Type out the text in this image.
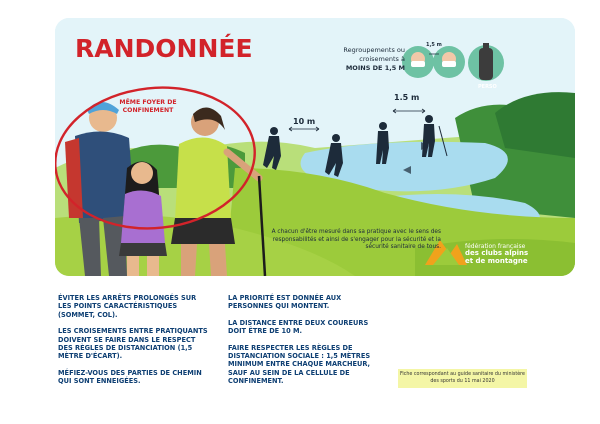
RANDONNÉE	Regroupements ou croisements à
MOINS DE 1,5 M
1,5 m
PERSO
MÊME FOYER DE CONFINEMENT
10 m
1.5 m
A chacun d'être mesuré dans sa pratique avec le sens des responsabilités et ainsi de s'engager pour la sécurité et la sécurité sanitaire de tous.	fédération française
des clubs alpins
et de montagne

ÉVITER LES ARRÊTS PROLONGÉS SUR LES POINTS CARACTÉRISTIQUES (SOMMET, COL).

LES CROISEMENTS ENTRE PRATIQUANTS DOIVENT SE FAIRE DANS LE RESPECT DES RÈGLES DE DISTANCIATION (1,5 MÈTRE D'ÉCART).

MÉFIEZ-VOUS DES PARTIES DE CHEMIN QUI SONT ENNEIGÉES.

LA PRIORITÉ EST DONNÉE AUX PERSONNES QUI MONTENT.

LA DISTANCE ENTRE DEUX COUREURS DOIT ÊTRE DE 10 M.

FAIRE RESPECTER LES RÈGLES DE DISTANCIATION SOCIALE : 1,5 MÈTRES MINIMUM ENTRE CHAQUE MARCHEUR, SAUF AU SEIN DE LA CELLULE DE CONFINEMENT.

Fiche correspondant au guide sanitaire du ministère des sports du 11 mai 2020
